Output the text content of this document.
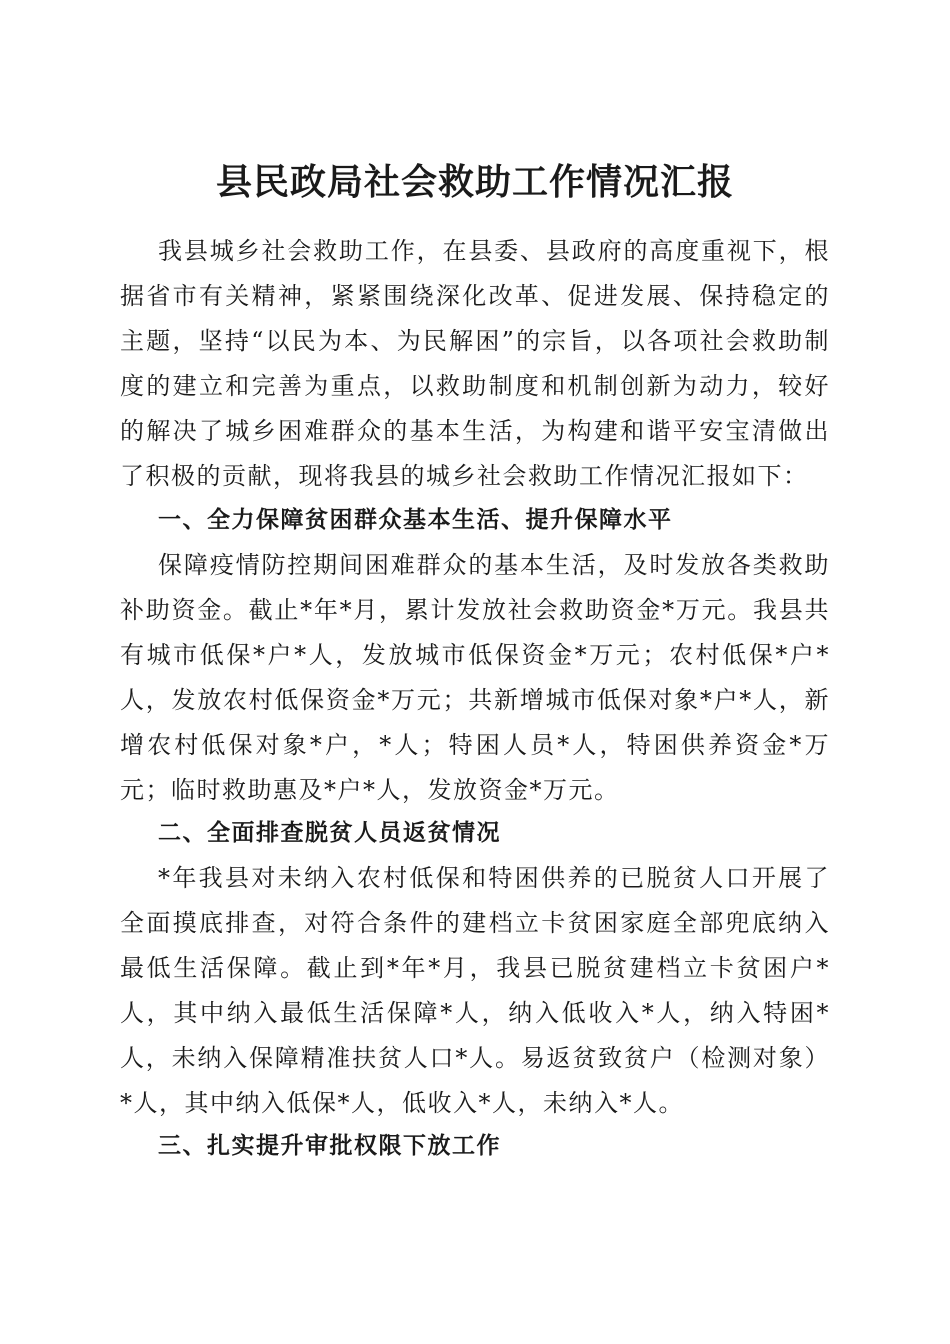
县民政局社会救助工作情况汇报

我县城乡社会救助工作，在县委、县政府的高度重视下，根据省市有关精神，紧紧围绕深化改革、促进发展、保持稳定的主题，坚持“以民为本、为民解困”的宗旨，以各项社会救助制度的建立和完善为重点，以救助制度和机制创新为动力，较好的解决了城乡困难群众的基本生活，为构建和谐平安宝清做出了积极的贡献，现将我县的城乡社会救助工作情况汇报如下：

一、全力保障贫困群众基本生活、提升保障水平

保障疫情防控期间困难群众的基本生活，及时发放各类救助补助资金。截止*年*月，累计发放社会救助资金*万元。我县共有城市低保*户*人，发放城市低保资金*万元；农村低保*户*人，发放农村低保资金*万元；共新增城市低保对象*户*人，新增农村低保对象*户，*人；特困人员*人，特困供养资金*万元；临时救助惠及*户*人，发放资金*万元。

二、全面排查脱贫人员返贫情况

*年我县对未纳入农村低保和特困供养的已脱贫人口开展了全面摸底排查，对符合条件的建档立卡贫困家庭全部兜底纳入最低生活保障。截止到*年*月，我县已脱贫建档立卡贫困户*人，其中纳入最低生活保障*人，纳入低收入*人，纳入特困*人，未纳入保障精准扶贫人口*人。易返贫致贫户（检测对象）*人，其中纳入低保*人，低收入*人，未纳入*人。

三、扎实提升审批权限下放工作
